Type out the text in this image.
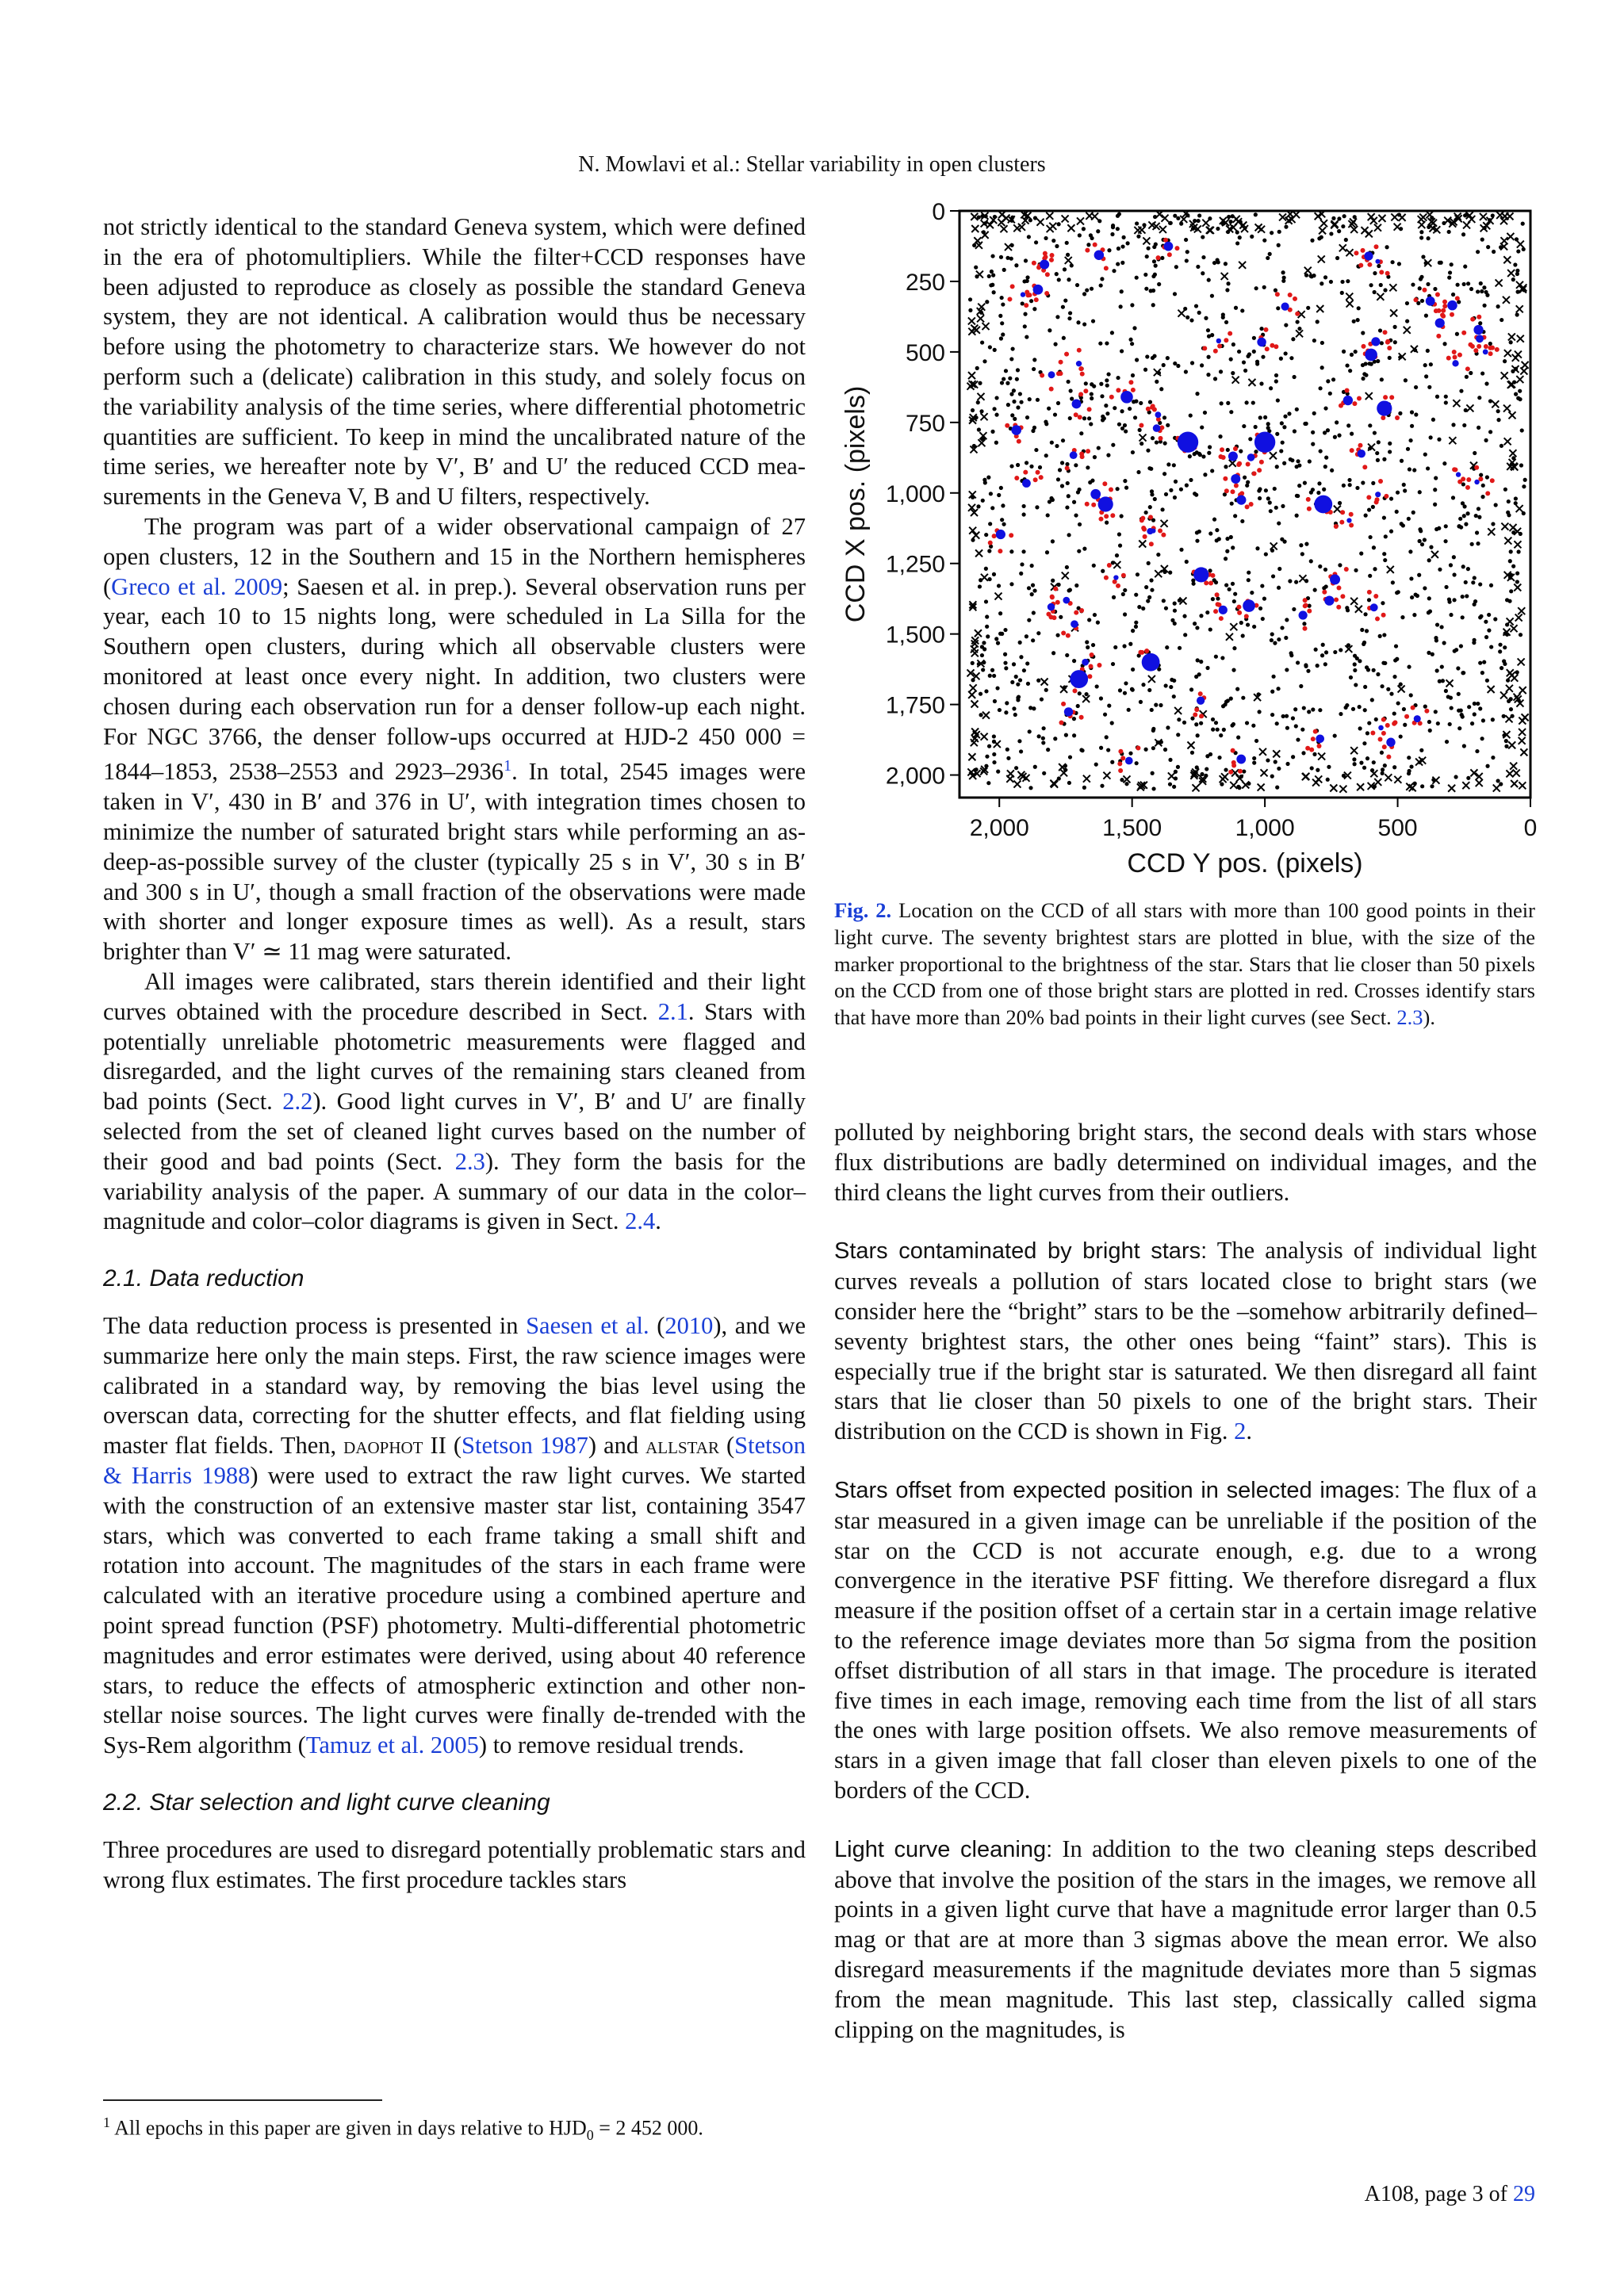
N. Mowlavi et al.: Stellar variability in open clusters

not strictly identical to the standard Geneva system, which were defined in the era of photomultipliers. While the filter+CCD responses have been adjusted to reproduce as closely as possible the standard Geneva system, they are not identical. A calibration would thus be necessary before using the photometry to characterize stars. We however do not perform such a (delicate) calibration in this study, and solely focus on the variability analysis of the time series, where differential photometric quantities are sufficient. To keep in mind the uncalibrated nature of the time series, we hereafter note by V′, B′ and U′ the reduced CCD measurements in the Geneva V, B and U filters, respectively.

The program was part of a wider observational campaign of 27 open clusters, 12 in the Southern and 15 in the Northern hemispheres (Greco et al. 2009; Saesen et al. in prep.). Several observation runs per year, each 10 to 15 nights long, were scheduled in La Silla for the Southern open clusters, during which all observable clusters were monitored at least once every night. In addition, two clusters were chosen during each observation run for a denser follow-up each night. For NGC 3766, the denser follow-ups occurred at HJD-2 450 000 = 1844–1853, 2538–2553 and 2923–2936$^1$. In total, 2545 images were taken in V′, 430 in B′ and 376 in U′, with integration times chosen to minimize the number of saturated bright stars while performing an as-deep-as-possible survey of the cluster (typically 25 s in V′, 30 s in B′ and 300 s in U′, though a small fraction of the observations were made with shorter and longer exposure times as well). As a result, stars brighter than V′ ≃ 11 mag were saturated.

All images were calibrated, stars therein identified and their light curves obtained with the procedure described in Sect. 2.1. Stars with potentially unreliable photometric measurements were flagged and disregarded, and the light curves of the remaining stars cleaned from bad points (Sect. 2.2). Good light curves in V′, B′ and U′ are finally selected from the set of cleaned light curves based on the number of their good and bad points (Sect. 2.3). They form the basis for the variability analysis of the paper. A summary of our data in the color–magnitude and color–color diagrams is given in Sect. 2.4.

2.1. Data reduction

The data reduction process is presented in Saesen et al. (2010), and we summarize here only the main steps. First, the raw science images were calibrated in a standard way, by removing the bias level using the overscan data, correcting for the shutter effects, and flat fielding using master flat fields. Then, daophot II (Stetson 1987) and allstar (Stetson & Harris 1988) were used to extract the raw light curves. We started with the construction of an extensive master star list, containing 3547 stars, which was converted to each frame taking a small shift and rotation into account. The magnitudes of the stars in each frame were calculated with an iterative procedure using a combined aperture and point spread function (PSF) photometry. Multi-differential photometric magnitudes and error estimates were derived, using about 40 reference stars, to reduce the effects of atmospheric extinction and other non-stellar noise sources. The light curves were finally de-trended with the Sys-Rem algorithm (Tamuz et al. 2005) to remove residual trends.

2.2. Star selection and light curve cleaning

Three procedures are used to disregard potentially problematic stars and wrong flux estimates. The first procedure tackles stars

$^1$ All epochs in this paper are given in days relative to $HJD_0 = 2$ 452 000.
2,000	1,500	1,000	500	0
0
250
500
750
1,000
1,250
1,500
1,750
2,000
CCD Y pos. (pixels)
CCD X pos. (pixels)
Fig. 2. Location on the CCD of all stars with more than 100 good points in their light curve. The seventy brightest stars are plotted in blue, with the size of the marker proportional to the brightness of the star. Stars that lie closer than 50 pixels on the CCD from one of those bright stars are plotted in red. Crosses identify stars that have more than 20% bad points in their light curves (see Sect. 2.3).

polluted by neighboring bright stars, the second deals with stars whose flux distributions are badly determined on individual images, and the third cleans the light curves from their outliers.

Stars contaminated by bright stars: The analysis of individual light curves reveals a pollution of stars located close to bright stars (we consider here the “bright” stars to be the –somehow arbitrarily defined– seventy brightest stars, the other ones being “faint” stars). This is especially true if the bright star is saturated. We then disregard all faint stars that lie closer than 50 pixels to one of the bright stars. Their distribution on the CCD is shown in Fig. 2.

Stars offset from expected position in selected images: The flux of a star measured in a given image can be unreliable if the position of the star on the CCD is not accurate enough, e.g. due to a wrong convergence in the iterative PSF fitting. We therefore disregard a flux measure if the position offset of a certain star in a certain image relative to the reference image deviates more than 5σ sigma from the position offset distribution of all stars in that image. The procedure is iterated five times in each image, removing each time from the list of all stars the ones with large position offsets. We also remove measurements of stars in a given image that fall closer than eleven pixels to one of the borders of the CCD.

Light curve cleaning: In addition to the two cleaning steps described above that involve the position of the stars in the images, we remove all points in a given light curve that have a magnitude error larger than 0.5 mag or that are at more than 3 sigmas above the mean error. We also disregard measurements if the magnitude deviates more than 5 sigmas from the mean magnitude. This last step, classically called sigma clipping on the magnitudes, is

A108, page 3 of 29
